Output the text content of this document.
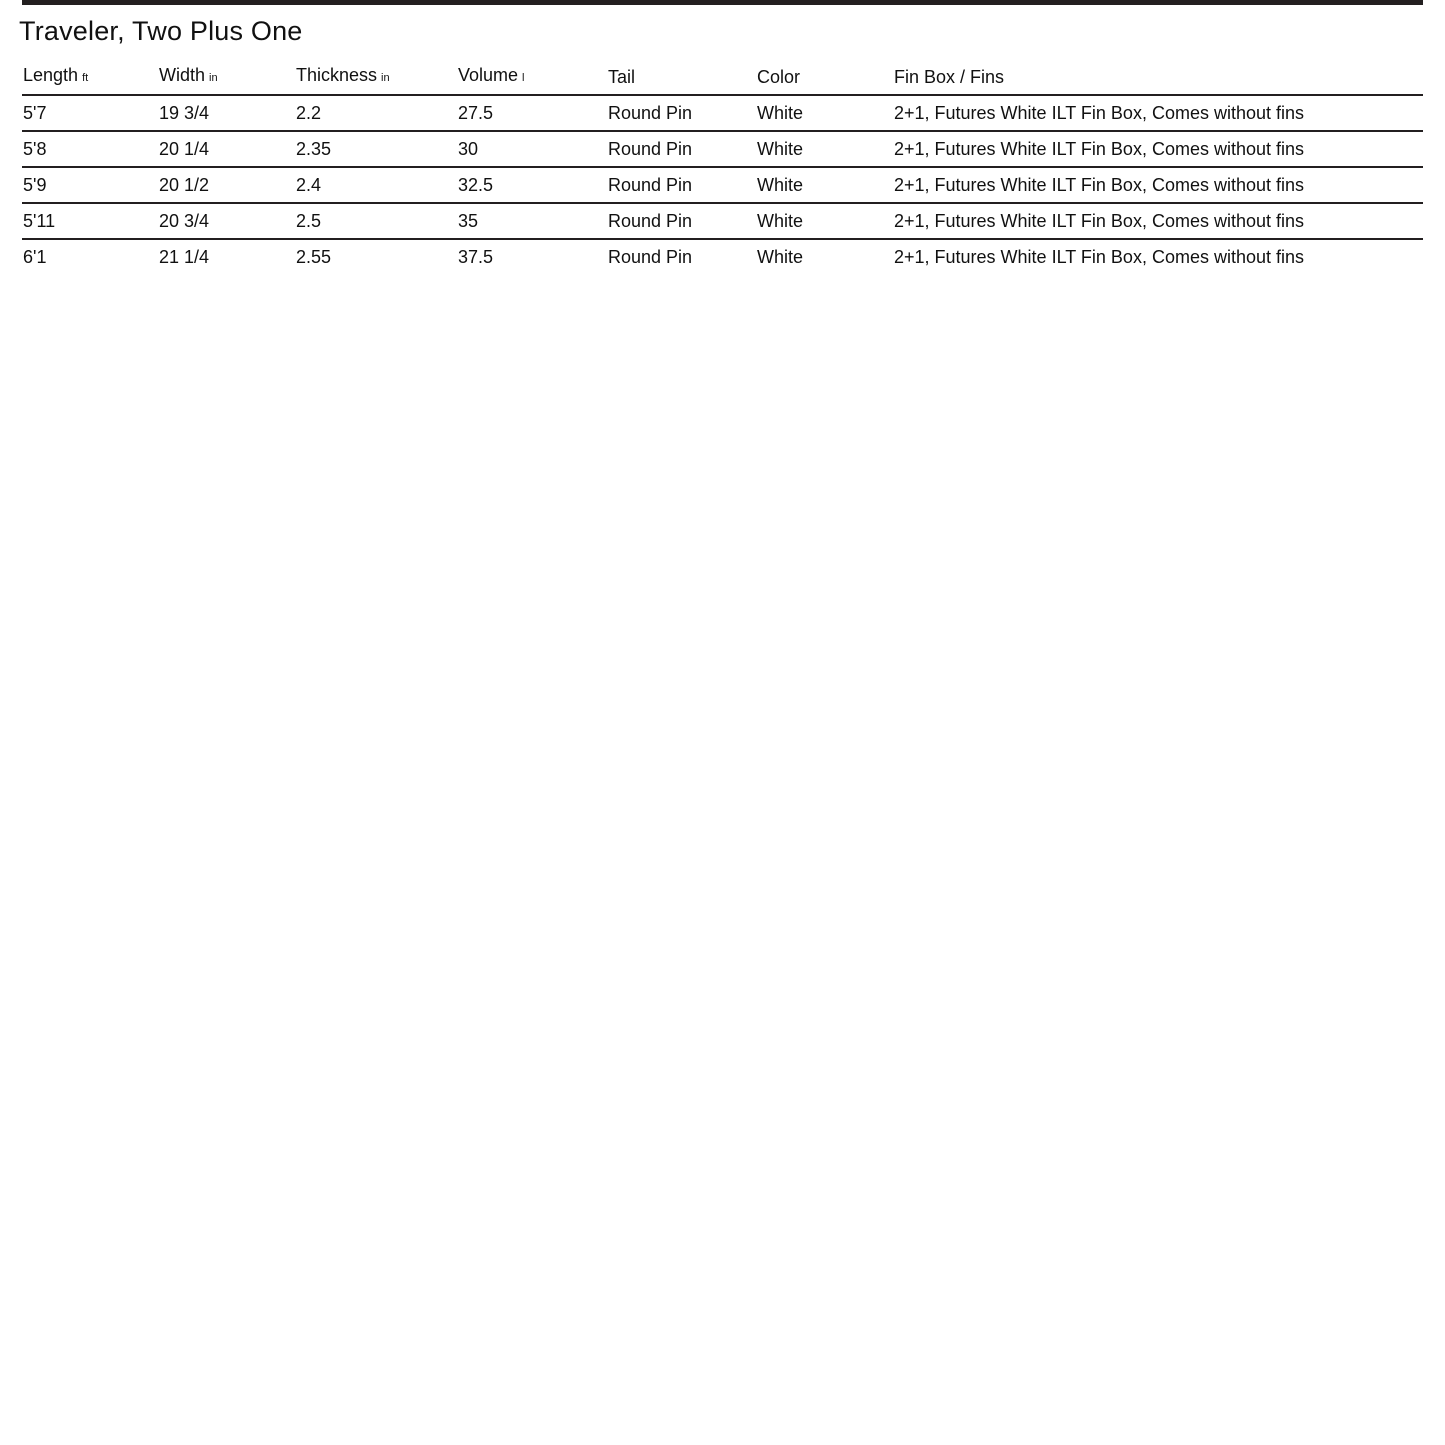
Traveler, Two Plus One
Length ft	Width in	Thickness in	Volume l	Tail	Color	Fin Box / Fins
5'7	19 3/4	2.2	27.5	Round Pin	White	2+1, Futures White ILT Fin Box, Comes without fins
5'8	20 1/4	2.35	30	Round Pin	White	2+1, Futures White ILT Fin Box, Comes without fins
5'9	20 1/2	2.4	32.5	Round Pin	White	2+1, Futures White ILT Fin Box, Comes without fins
5'11	20 3/4	2.5	35	Round Pin	White	2+1, Futures White ILT Fin Box, Comes without fins
6'1	21 1/4	2.55	37.5	Round Pin	White	2+1, Futures White ILT Fin Box, Comes without fins
